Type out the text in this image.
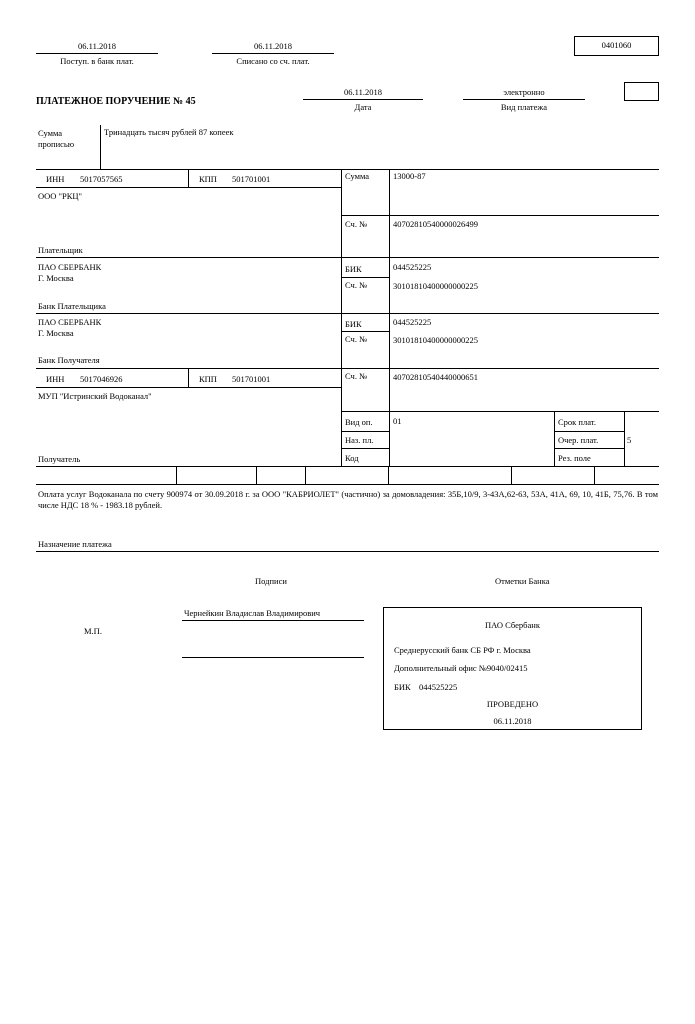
06.11.2018
Поступ. в банк плат.
06.11.2018
Списано со сч. плат.
0401060
ПЛАТЕЖНОЕ ПОРУЧЕНИЕ № 45
06.11.2018
Дата
электронно
Вид платежа
Сумма прописью
Тринадцать тысяч рублей 87 копеек
ИНН 5017057565	КПП 501701001
ООО "РКЦ"
Плательщик
Сумма	13000-87
Сч. №	40702810540000026499
ПАО СБЕРБАНК
Г. Москва
Банк Плательщика
БИК	044525225
Сч. №	30101810400000000225
ПАО СБЕРБАНК
Г. Москва
Банк Получателя
БИК	044525225
Сч. №	30101810400000000225
ИНН 5017046926	КПП 501701001
МУП "Истринский Водоканал"
Получатель
Сч. №	40702810540440000651
Вид оп. 01
Наз. пл.
Код
Срок плат.
Очер. плат.	5
Рез. поле
Оплата услуг Водоканала по счету 900974 от 30.09.2018 г. за ООО "КАБРИОЛЕТ" (частично) за домовладения: 35Б,10/9, 3-43А,62-63, 53А, 41А, 69, 10, 41Б, 75,76. В том числе НДС 18 % - 1983.18 рублей.
Назначение платежа
Подписи	Отметки Банка
Чернейкин Владислав Владимирович
М.П.
ПАО Сбербанк
Среднерусский банк СБ РФ г. Москва
Дополнительный офис №9040/02415
БИК 044525225
ПРОВЕДЕНО
06.11.2018
